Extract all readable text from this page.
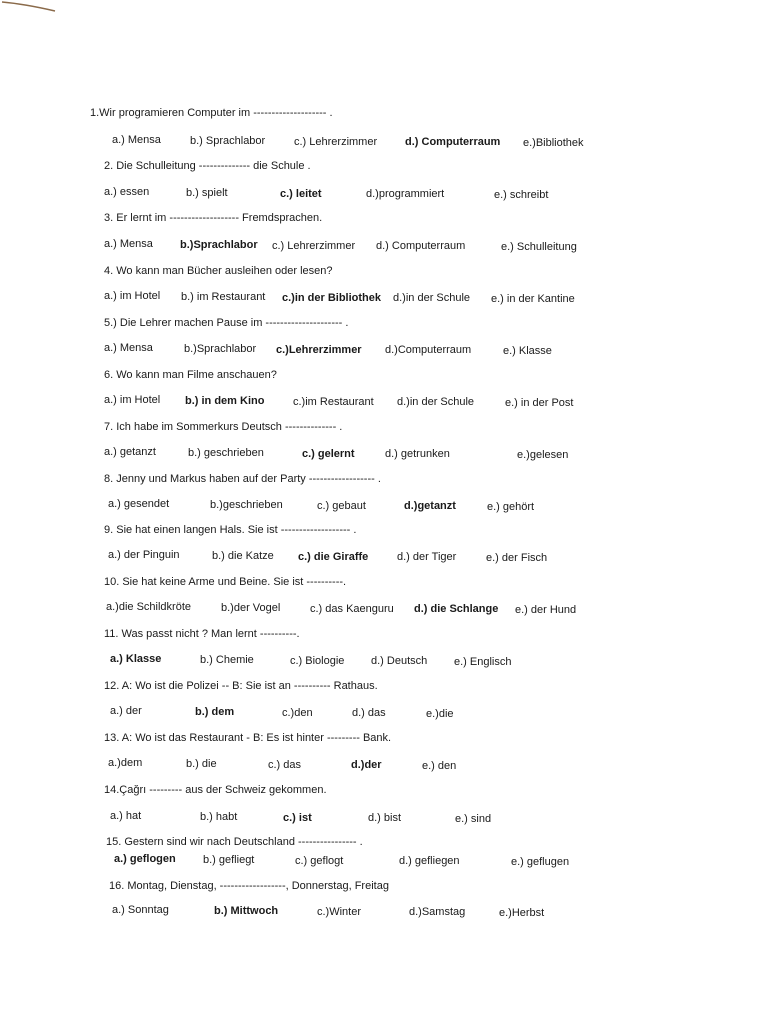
1.Wir programieren Computer im -------------------- .
a.) Mensa	b.) Sprachlabor	c.) Lehrerzimmer	d.) Computerraum e.)Bibliothek
2. Die Schulleitung -------------- die Schule .
a.) essen	b.) spielt	c.) leitet	d.)programmiert	e.) schreibt
3. Er lernt im ------------------- Fremdsprachen.
a.) Mensa b.)Sprachlabor c.) Lehrerzimmer d.) Computerraum	e.) Schulleitung
4. Wo kann man Bücher ausleihen oder lesen?
a.) im Hotel b.) im Restaurant c.)in der Bibliothek d.)in der Schule e.) in der Kantine
5.) Die Lehrer machen Pause im --------------------- .
a.) Mensa	b.)Sprachlabor c.)Lehrerzimmer d.)Computerraum	e.) Klasse
6. Wo kann man Filme anschauen?
a.) im Hotel b.) in dem Kino	c.)im Restaurant d.)in der Schule	e.) in der Post
7. Ich habe im Sommerkurs Deutsch -------------- .
a.) getanzt	b.) geschrieben	c.) gelernt	d.) getrunken	e.)gelesen
8. Jenny und Markus haben auf der Party ------------------ .
a.) gesendet	b.)geschrieben	c.) gebaut	d.)getanzt	e.) gehört
9. Sie hat einen langen Hals. Sie ist ------------------- .
a.) der Pinguin	b.) die Katze c.) die Giraffe	d.) der Tiger	e.) der Fisch
10. Sie hat keine Arme und Beine. Sie ist ----------.
a.)die Schildkröte	b.)der Vogel	c.) das Kaenguru d.) die Schlange e.) der Hund
11. Was passt nicht ? Man lernt ----------.
a.) Klasse	b.) Chemie	c.) Biologie d.) Deutsch e.) Englisch
12. A: Wo ist die Polizei -- B: Sie ist an ---------- Rathaus.
a.) der	b.) dem	c.)den	d.) das	e.)die
13. A: Wo ist das Restaurant - B: Es ist hinter --------- Bank.
a.)dem	b.) die	c.) das	d.)der	e.) den
14.Çağrı --------- aus der Schweiz gekommen.
a.) hat	b.) habt	c.) ist	d.) bist	e.) sind
15. Gestern sind wir nach Deutschland ---------------- .
a.) geflogen b.) gefliegt	c.) geflogt	d.) gefliegen	e.) geflugen
16. Montag, Dienstag, ------------------, Donnerstag, Freitag
a.) Sonntag	b.) Mittwoch	c.)Winter	d.)Samstag	e.)Herbst
